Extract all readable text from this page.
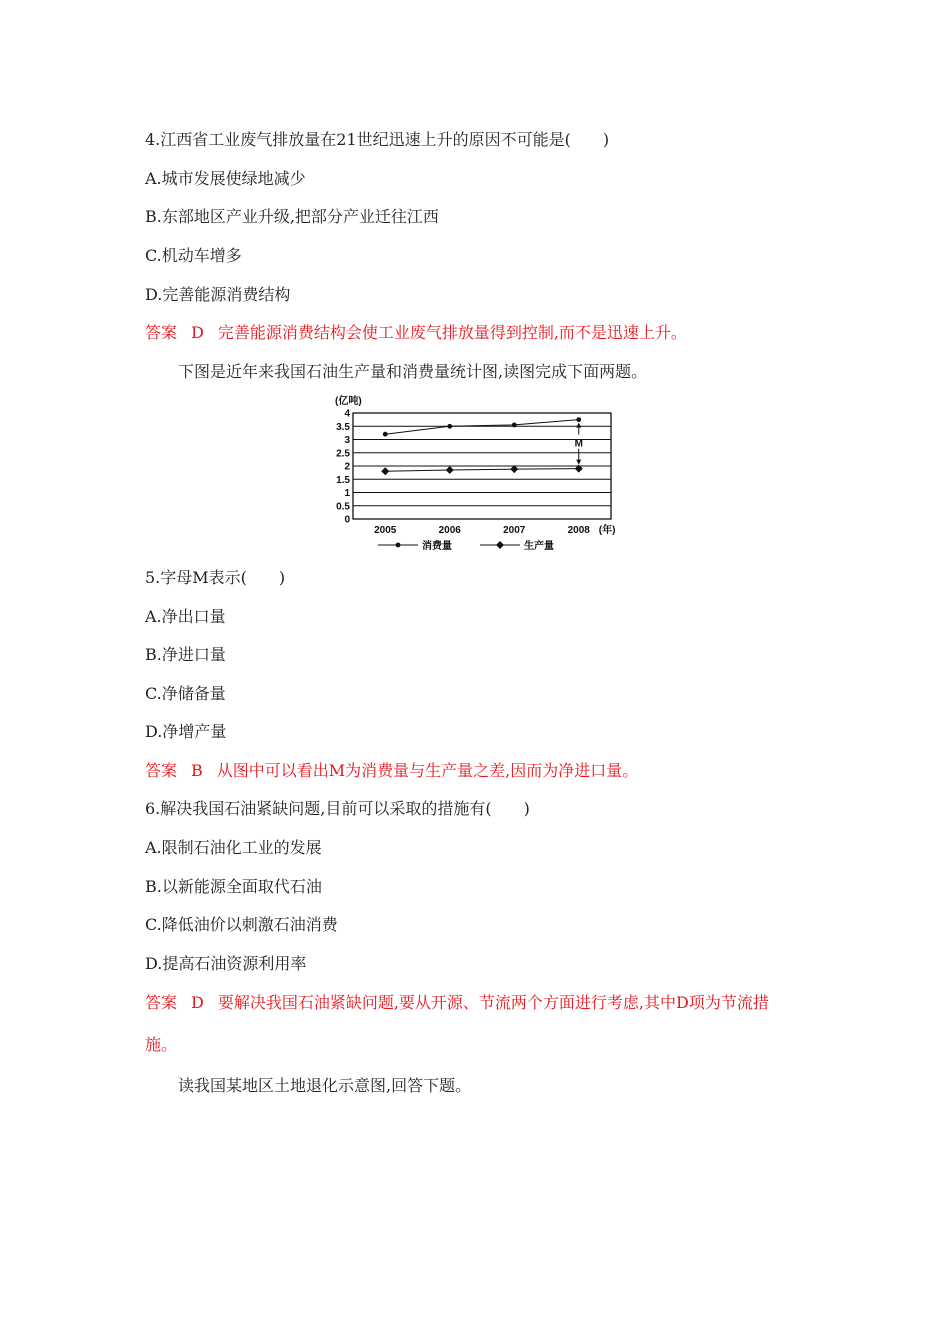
4.江西省工业废气排放量在21世纪迅速上升的原因不可能是(　　)
A.城市发展使绿地减少
B.东部地区产业升级,把部分产业迁往江西
C.机动车增多
D.完善能源消费结构
答案 D 完善能源消费结构会使工业废气排放量得到控制,而不是迅速上升。
下图是近年来我国石油生产量和消费量统计图,读图完成下面两题。
0
0.5
1
1.5
2
2.5
3
3.5
4
(亿吨)
2005	2006	2007	2008 (年)
M
消费量	生产量
5.字母M表示(　　)
A.净出口量
B.净进口量
C.净储备量
D.净增产量
答案 B 从图中可以看出M为消费量与生产量之差,因而为净进口量。
6.解决我国石油紧缺问题,目前可以采取的措施有(　　)
A.限制石油化工业的发展
B.以新能源全面取代石油
C.降低油价以刺激石油消费
D.提高石油资源利用率
答案 D 要解决我国石油紧缺问题,要从开源、节流两个方面进行考虑,其中D项为节流措
施。
读我国某地区土地退化示意图,回答下题。
